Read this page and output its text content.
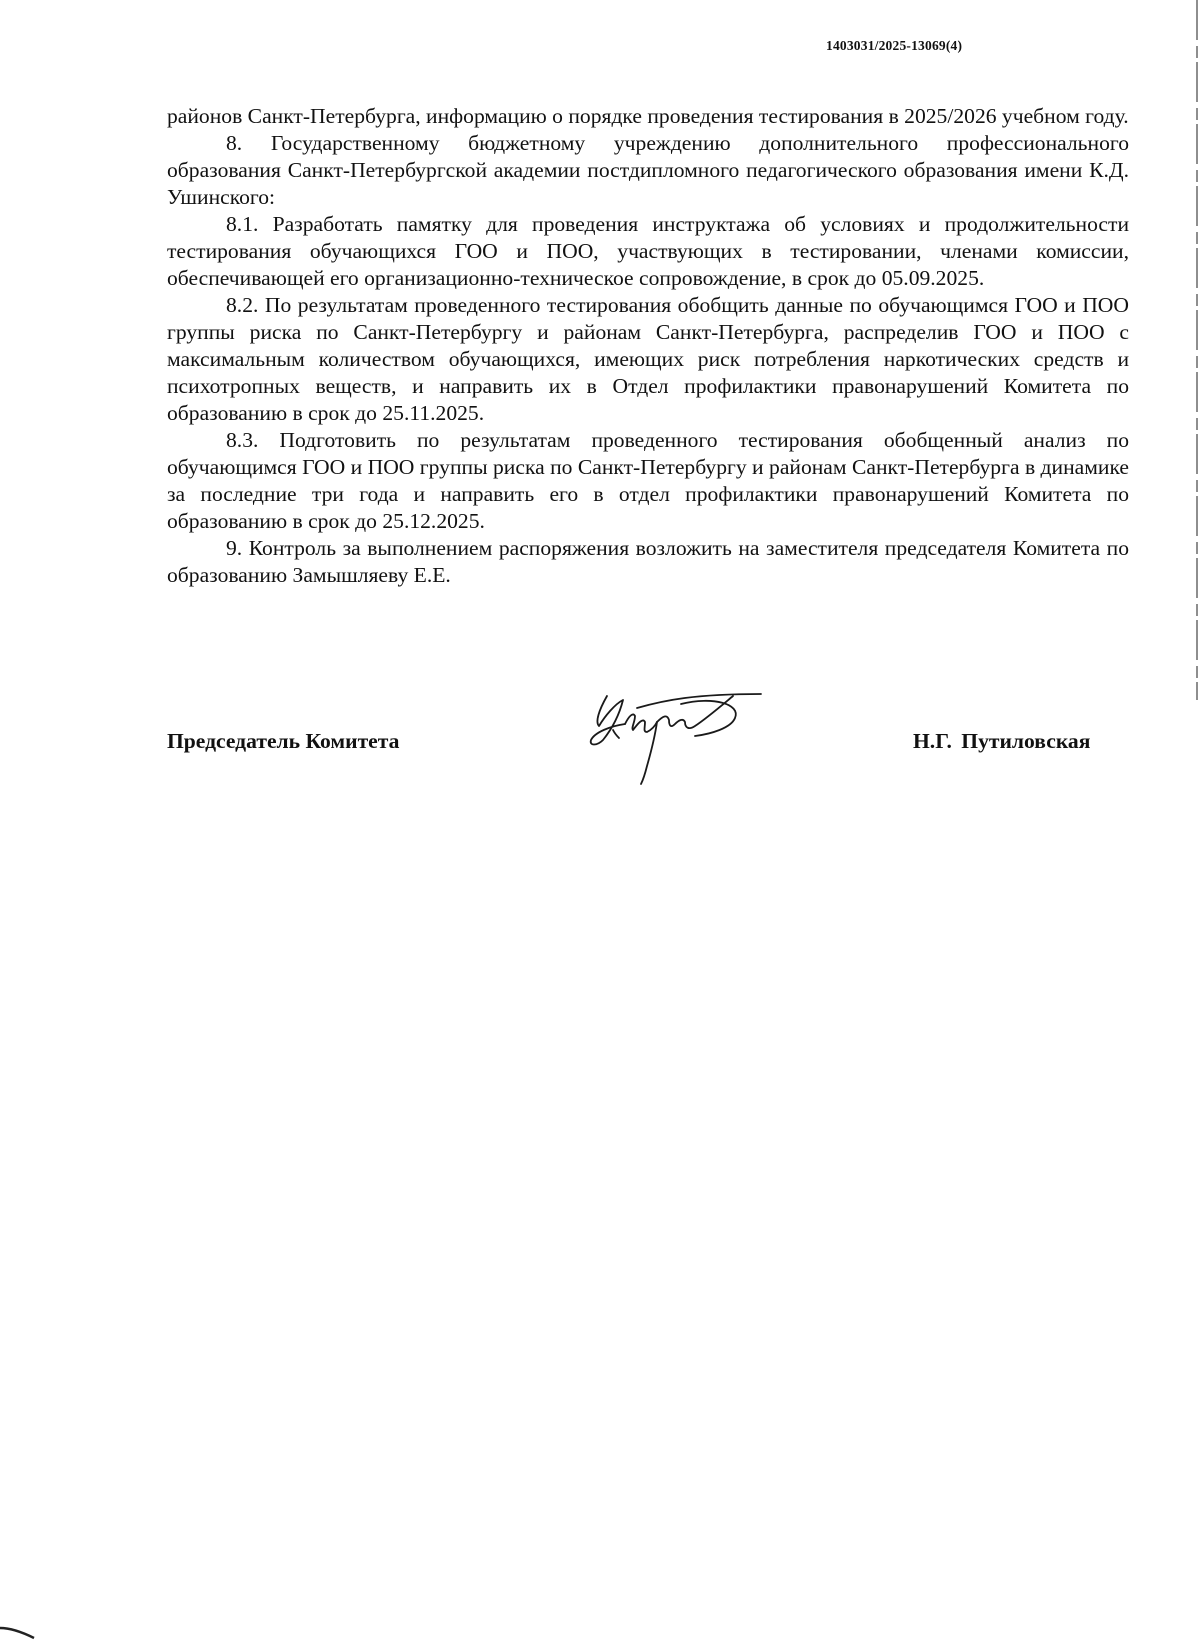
1403031/2025-13069(4)

районов Санкт-Петербурга, информацию о порядке проведения тестирования в 2025/2026 учебном году.

8. Государственному бюджетному учреждению дополнительного профессионального образования Санкт-Петербургской академии постдипломного педагогического образования имени К.Д. Ушинского:

8.1. Разработать памятку для проведения инструктажа об условиях и продолжительности тестирования обучающихся ГОО и ПОО, участвующих в тестировании, членами комиссии, обеспечивающей его организационно-техническое сопровождение, в срок до 05.09.2025.

8.2. По результатам проведенного тестирования обобщить данные по обучающимся ГОО и ПОО группы риска по Санкт-Петербургу и районам Санкт-Петербурга, распределив ГОО и ПОО с максимальным количеством обучающихся, имеющих риск потребления наркотических средств и психотропных веществ, и направить их в Отдел профилактики правонарушений Комитета по образованию в срок до 25.11.2025.

8.3. Подготовить по результатам проведенного тестирования обобщенный анализ по обучающимся ГОО и ПОО группы риска по Санкт-Петербургу и районам Санкт-Петербурга в динамике за последние три года и направить его в отдел профилактики правонарушений Комитета по образованию в срок до 25.12.2025.

9. Контроль за выполнением распоряжения возложить на заместителя председателя Комитета по образованию Замышляеву Е.Е.

Председатель Комитета	Н.Г. Путиловская
